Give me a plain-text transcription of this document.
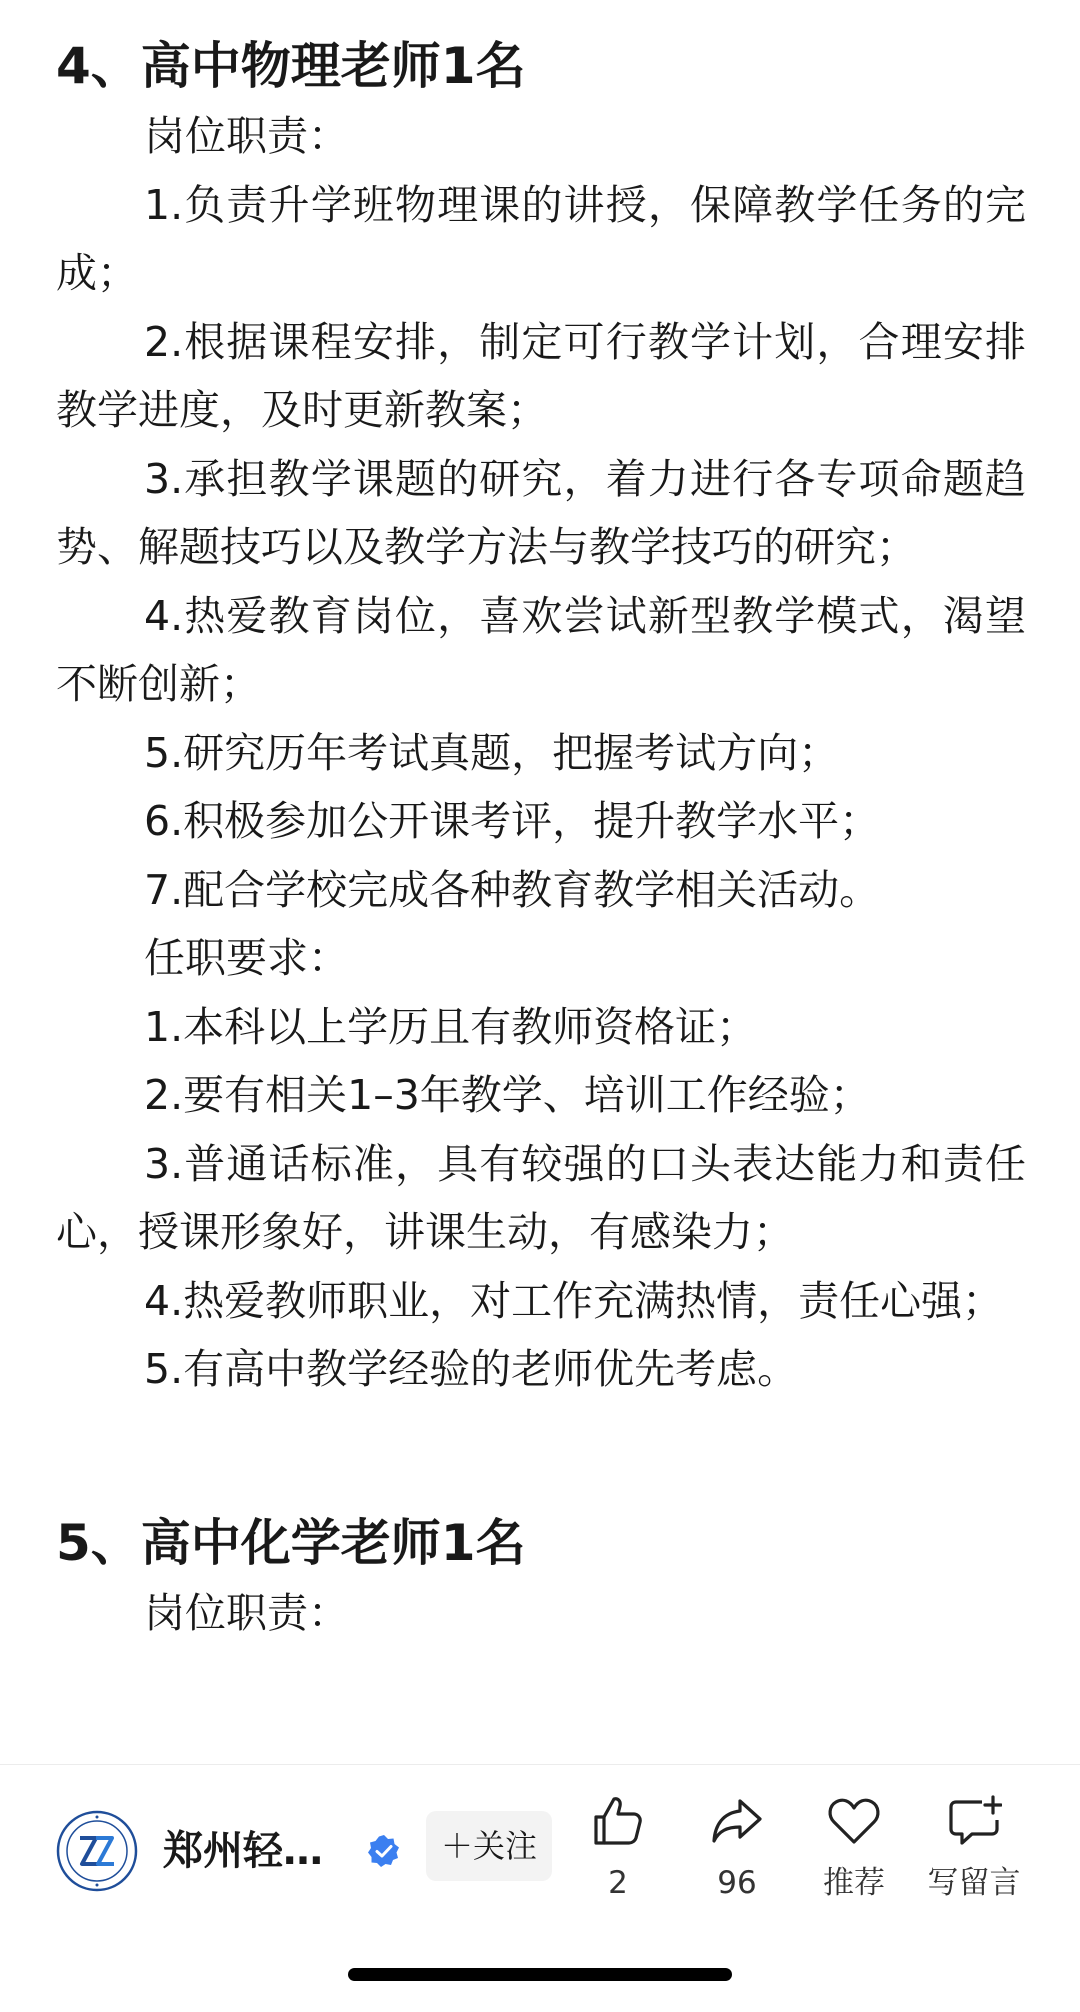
4、高中物理老师1名

岗位职责：

1.负责升学班物理课的讲授，保障教学任务的完成；

2.根据课程安排，制定可行教学计划，合理安排教学进度，及时更新教案；

3.承担教学课题的研究，着力进行各专项命题趋势、解题技巧以及教学方法与教学技巧的研究；

4.热爱教育岗位，喜欢尝试新型教学模式，渴望不断创新；

5.研究历年考试真题，把握考试方向；

6.积极参加公开课考评，提升教学水平；

7.配合学校完成各种教育教学相关活动。

任职要求：

1.本科以上学历且有教师资格证；

2.要有相关1–3年教学、培训工作经验；

3.普通话标准，具有较强的口头表达能力和责任心，授课形象好，讲课生动，有感染力；

4.热爱教师职业，对工作充满热情，责任心强；

5.有高中教学经验的老师优先考虑。

5、高中化学老师1名

岗位职责：

郑州轻…	＋关注
2	96	推荐	写留言
